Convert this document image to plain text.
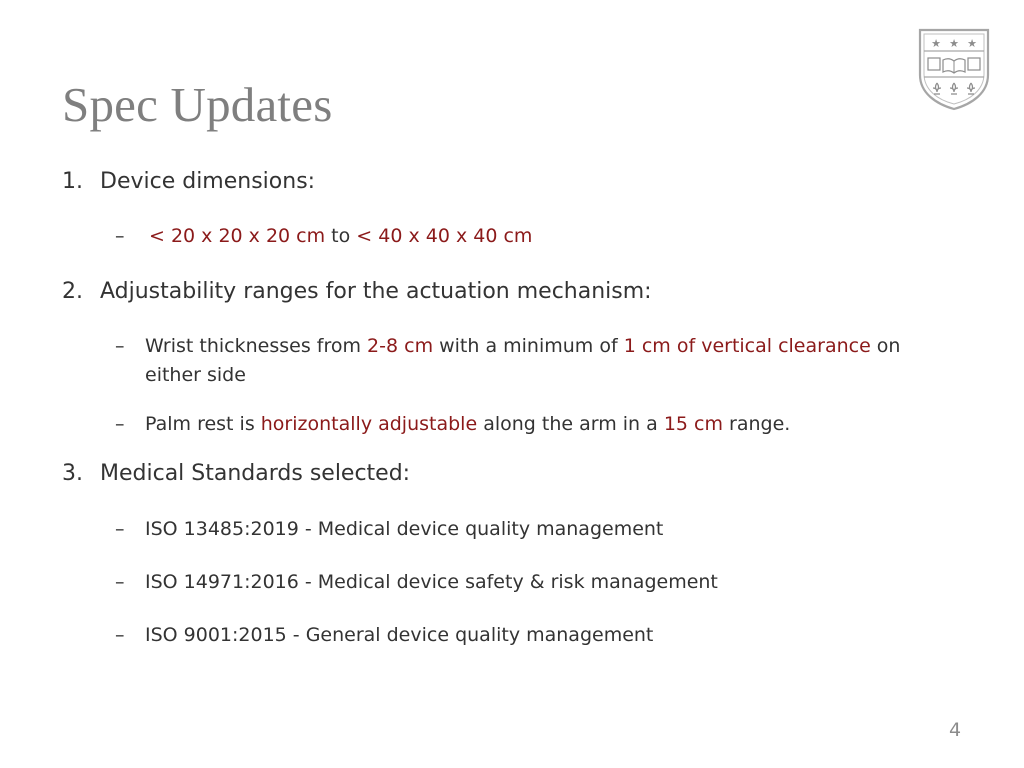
Spec Updates
★ ★ ★
1. Device dimensions:
– < 20 x 20 x 20 cm to < 40 x 40 x 40 cm
2. Adjustability ranges for the actuation mechanism:
– Wrist thicknesses from 2-8 cm with a minimum of 1 cm of vertical clearance on either side
– Palm rest is horizontally adjustable along the arm in a 15 cm range.
3. Medical Standards selected:
– ISO 13485:2019 - Medical device quality management
– ISO 14971:2016 - Medical device safety & risk management
– ISO 9001:2015 - General device quality management
4
